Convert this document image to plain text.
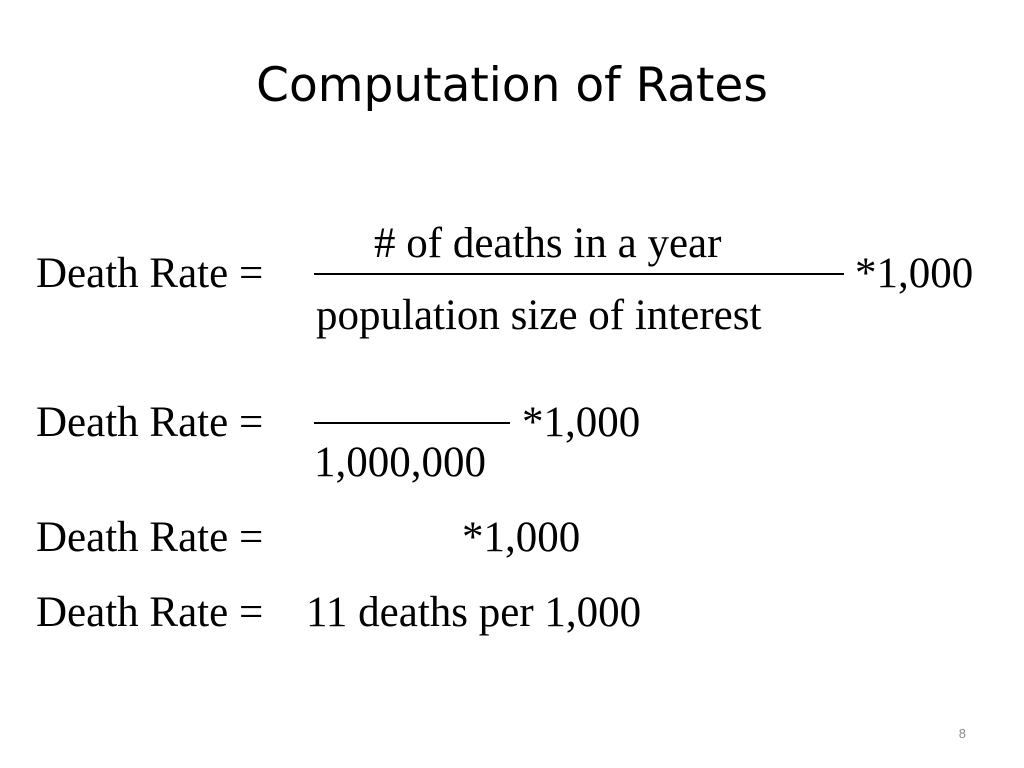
Computation of Rates
Death Rate =
# of deaths in a year
population size of interest
*1,000
Death Rate =
1,000,000
*1,000
Death Rate =	*1,000
Death Rate = 11 deaths per 1,000
8
